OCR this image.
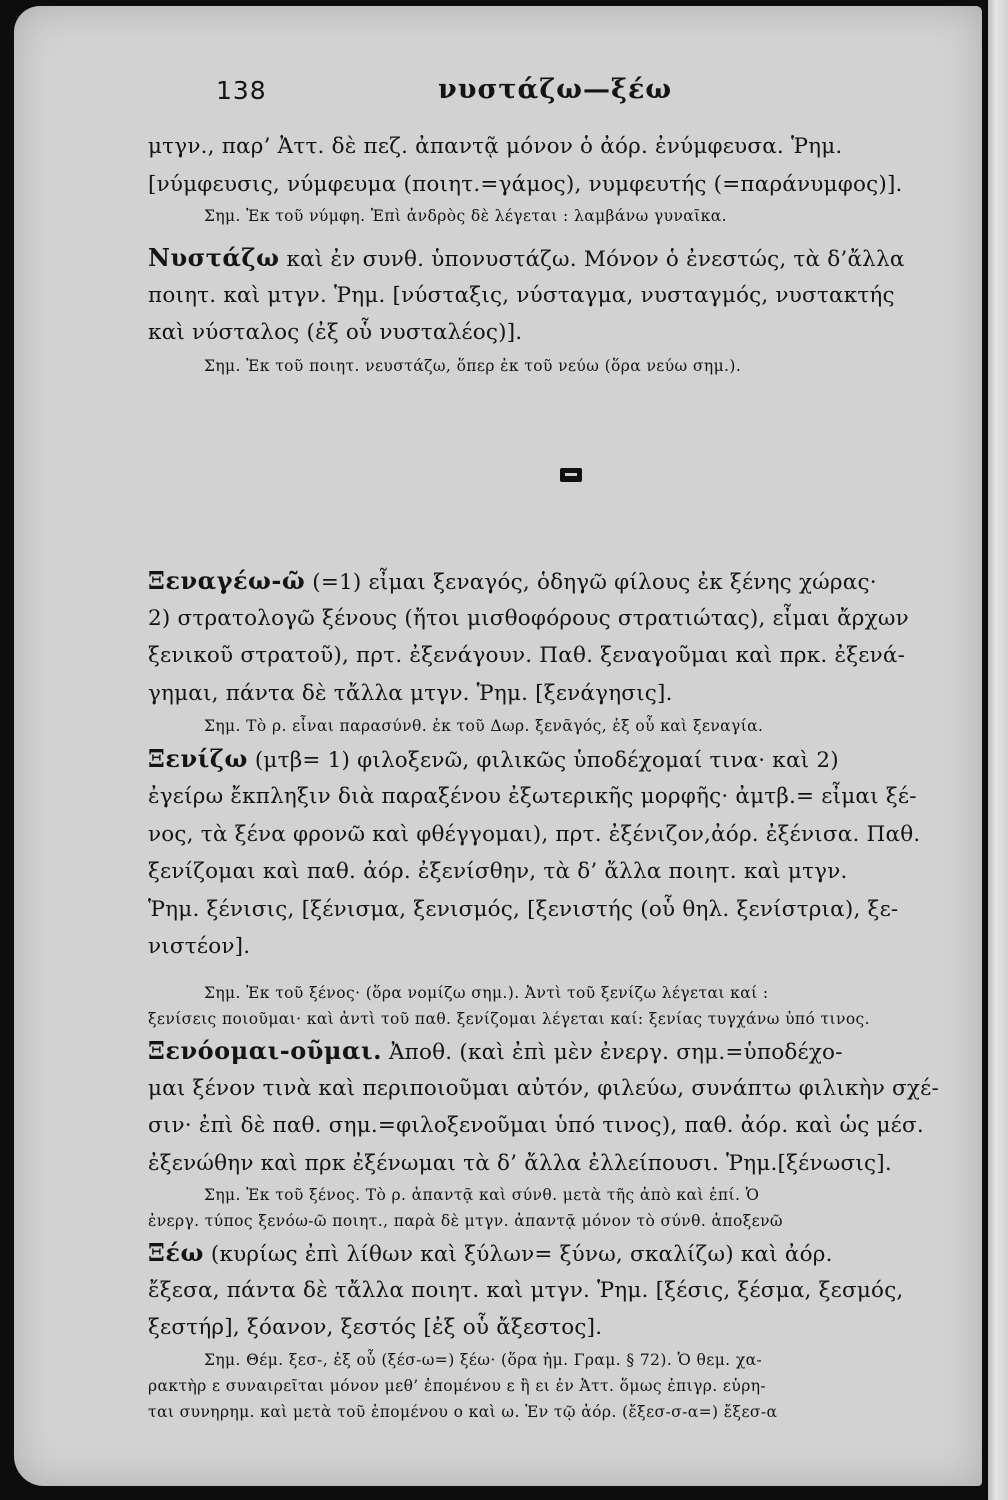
138	νυστάζω—ξέω
μτγν., παρ’ Ἀττ. δὲ πεζ. ἀπαντᾷ μόνον ὁ ἀόρ. ἐνύμφευσα. Ῥημ.
[νύμφευσις, νύμφευμα (ποιητ.=γάμος), νυμφευτής (=παράνυμφος)].
Σημ. Ἐκ τοῦ νύμφη. Ἐπὶ ἀνδρὸς δὲ λέγεται : λαμβάνω γυναῖκα.
Νυστάζω καὶ ἐν συνθ. ὑπονυστάζω. Μόνον ὁ ἐνεστώς, τὰ δ’ἄλλα
ποιητ. καὶ μτγν. Ῥημ. [νύσταξις, νύσταγμα, νυσταγμός, νυστακτής
καὶ νύσταλος (ἐξ οὗ νυσταλέος)].
Σημ. Ἐκ τοῦ ποιητ. νευστάζω, ὅπερ ἐκ τοῦ νεύω (ὅρα νεύω σημ.).
Ξεναγέω-ῶ (=1) εἶμαι ξεναγός, ὁδηγῶ φίλους ἐκ ξένης χώρας·
2) στρατολογῶ ξένους (ἤτοι μισθοφόρους στρατιώτας), εἶμαι ἄρχων
ξενικοῦ στρατοῦ), πρτ. ἐξενάγουν. Παθ. ξεναγοῦμαι καὶ πρκ. ἐξενά-
γημαι, πάντα δὲ τἄλλα μτγν. Ῥημ. [ξενάγησις].
Σημ. Τὸ ρ. εἶναι παρασύνθ. ἐκ τοῦ Δωρ. ξενᾶγός, ἐξ οὗ καὶ ξεναγία.
Ξενίζω (μτβ= 1) φιλοξενῶ, φιλικῶς ὑποδέχομαί τινα· καὶ 2)
ἐγείρω ἔκπληξιν διὰ παραξένου ἐξωτερικῆς μορφῆς· ἀμτβ.= εἶμαι ξέ-
νος, τὰ ξένα φρονῶ καὶ φθέγγομαι), πρτ. ἐξένιζον,ἀόρ. ἐξένισα. Παθ.
ξενίζομαι καὶ παθ. ἀόρ. ἐξενίσθην, τὰ δ’ ἄλλα ποιητ. καὶ μτγν.
Ῥημ. ξένισις, [ξένισμα, ξενισμός, [ξενιστής (οὗ θηλ. ξενίστρια), ξε-
νιστέον].
Σημ. Ἐκ τοῦ ξένος· (ὅρα νομίζω σημ.). Ἀντὶ τοῦ ξενίζω λέγεται καί :
ξενίσεις ποιοῦμαι· καὶ ἀντὶ τοῦ παθ. ξενίζομαι λέγεται καί: ξενίας τυγχάνω ὑπό τινος.
Ξενόομαι-οῦμαι. Ἀποθ. (καὶ ἐπὶ μὲν ἐνεργ. σημ.=ὑποδέχο-
μαι ξένον τινὰ καὶ περιποιοῦμαι αὐτόν, φιλεύω, συνάπτω φιλικὴν σχέ-
σιν· ἐπὶ δὲ παθ. σημ.=φιλοξενοῦμαι ὑπό τινος), παθ. ἀόρ. καὶ ὡς μέσ.
ἐξενώθην καὶ πρκ ἐξένωμαι τὰ δ’ ἄλλα ἐλλείπουσι. Ῥημ.[ξένωσις].
Σημ. Ἐκ τοῦ ξένος. Τὸ ρ. ἀπαντᾷ καὶ σύνθ. μετὰ τῆς ἀπὸ καὶ ἐπί. Ὁ
ἐνεργ. τύπος ξενόω-ῶ ποιητ., παρὰ δὲ μτγν. ἀπαντᾷ μόνον τὸ σύνθ. ἀποξενῶ
Ξέω (κυρίως ἐπὶ λίθων καὶ ξύλων= ξύνω, σκαλίζω) καὶ ἀόρ.
ἔξεσα, πάντα δὲ τἄλλα ποιητ. καὶ μτγν. Ῥημ. [ξέσις, ξέσμα, ξεσμός,
ξεστήρ], ξόανον, ξεστός [ἐξ οὗ ἄξεστος].
Σημ. Θέμ. ξεσ-, ἐξ οὗ (ξέσ-ω=) ξέω· (ὅρα ἡμ. Γραμ. § 72). Ὁ θεμ. χα-
ρακτὴρ ε συναιρεῖται μόνον μεθ’ ἑπομένου ε ἢ ει ἐν Ἀττ. ὅμως ἐπιγρ. εὑρη-
ται συνηρημ. καὶ μετὰ τοῦ ἑπομένου ο καὶ ω. Ἐν τῷ ἀόρ. (ἔξεσ-σ-α=) ἔξεσ-α
